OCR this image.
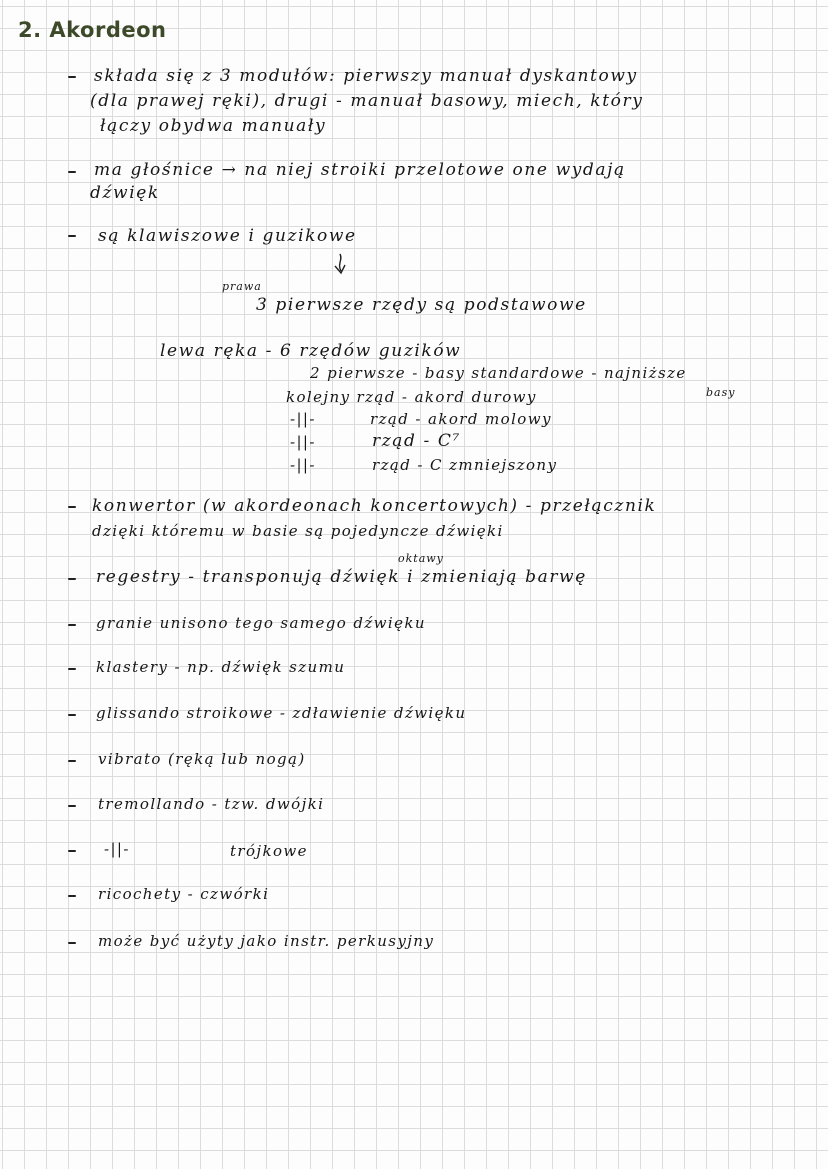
2. Akordeon
składa się z 3 modułów: pierwszy manuał dyskantowy
(dla prawej ręki), drugi - manuał basowy, miech, który
łączy obydwa manuały
ma głośnice → na niej stroiki przelotowe one wydają
dźwięk
są klawiszowe i guzikowe
prawa
3 pierwsze rzędy są podstawowe
lewa ręka - 6 rzędów guzików
2 pierwsze - basy standardowe - najniższe
basy
kolejny rząd - akord durowy
-||-	rząd - akord molowy
-||-	rząd - C⁷
-||-	rząd - C zmniejszony
konwertor (w akordeonach koncertowych) - przełącznik
dzięki któremu w basie są pojedyncze dźwięki
oktawy
regestry - transponują dźwięk i zmieniają barwę
granie unisono tego samego dźwięku
klastery - np. dźwięk szumu
glissando stroikowe - zdławienie dźwięku
vibrato (ręką lub nogą)
tremollando - tzw. dwójki
-||-	trójkowe
ricochety - czwórki
może być użyty jako instr. perkusyjny
